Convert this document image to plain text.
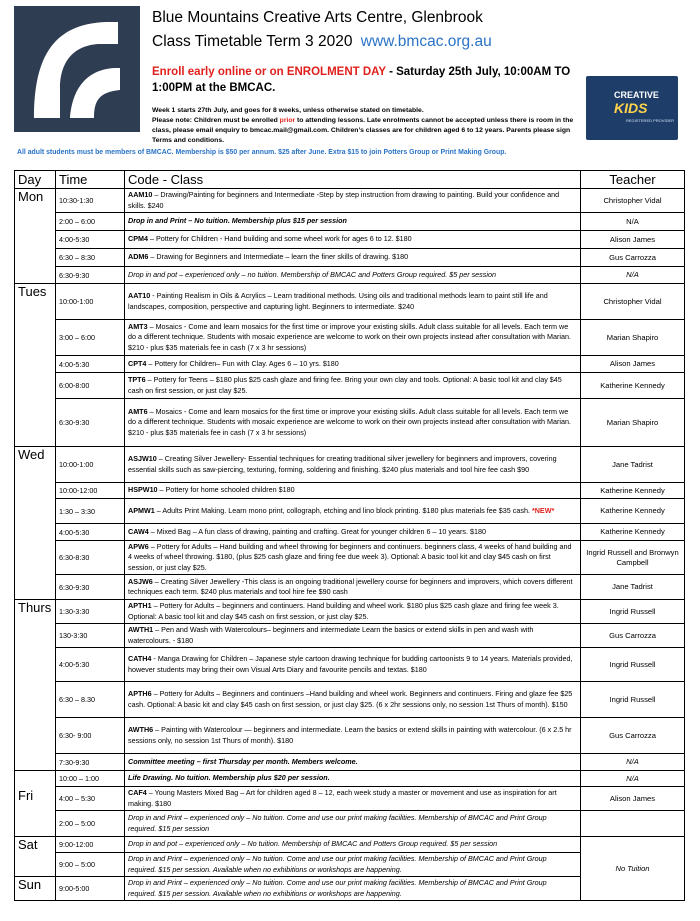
Blue Mountains Creative Arts Centre, Glenbrook
Class Timetable Term 3 2020 www.bmcac.org.au
Enroll early online or on ENROLMENT DAY - Saturday 25th July, 10:00AM TO 1:00PM at the BMCAC.
Week 1 starts 27th July, and goes for 8 weeks, unless otherwise stated on timetable.
Please note: Children must be enrolled prior to attending lessons. Late enrolments cannot be accepted unless there is room in the class, please email enquiry to bmcac.mail@gmail.com. Children’s classes are for children aged 6 to 12 years. Parents please sign Terms and conditions.
CREATIVE
KIDS
REGISTERED PROVIDER
All adult students must be members of BMCAC. Membership is $50 per annum. $25 after June. Extra $15 to join Potters Group or Print Making Group.
Day	Time	Code - Class	Teacher
Mon	10:30-1:30	AAM10 – Drawing/Painting for beginners and Intermediate -Step by step instruction from drawing to painting. Build your confidence and skills. $240	Christopher Vidal
	2:00 – 6:00	Drop in and Print – No tuition. Membership plus $15 per session	N/A
	4:00-5:30	CPM4 – Pottery for Children - Hand building and some wheel work for ages 6 to 12. $180	Alison James
	6:30 – 8:30	ADM6 – Drawing for Beginners and Intermediate – learn the finer skills of drawing. $180	Gus Carrozza
	6:30-9:30	Drop in and pot – experienced only – no tuition. Membership of BMCAC and Potters Group required. $5 per session	N/A
Tues	10:00-1:00	AAT10 - Painting Realism in Oils & Acrylics – Learn traditional methods. Using oils and traditional methods learn to paint still life and landscapes, composition, perspective and capturing light. Beginners to intermediate. $240	Christopher Vidal
	3:00 – 6:00	AMT3 – Mosaics - Come and learn mosaics for the first time or improve your existing skills. Adult class suitable for all levels. Each term we do a different technique. Students with mosaic experience are welcome to work on their own projects instead after consultation with Marian. $210 - plus $35 materials fee in cash (7 x 3 hr sessions)	Marian Shapiro
	4:00-5:30	CPT4 – Pottery for Children– Fun with Clay. Ages 6 – 10 yrs. $180	Alison James
	6:00-8:00	TPT6 – Pottery for Teens – $180 plus $25 cash glaze and firing fee. Bring your own clay and tools. Optional: A basic tool kit and clay $45 cash on first session, or just clay $25.	Katherine Kennedy
	6:30-9:30	AMT6 – Mosaics - Come and learn mosaics for the first time or improve your existing skills. Adult class suitable for all levels. Each term we do a different technique. Students with mosaic experience are welcome to work on their own projects instead after consultation with Marian. $210 - plus $35 materials fee in cash (7 x 3 hr sessions)	Marian Shapiro
Wed	10:00-1:00	ASJW10 – Creating Silver Jewellery- Essential techniques for creating traditional silver jewellery for beginners and improvers, covering essential skills such as saw-piercing, texturing, forming, soldering and finishing. $240 plus materials and tool hire fee cash $90	Jane Tadrist
	10:00-12:00	HSPW10 – Pottery for home schooled children $180	Katherine Kennedy
	1:30 – 3:30	APMW1 – Adults Print Making. Learn mono print, collograph, etching and lino block printing. $180 plus materials fee $35 cash. *NEW*	Katherine Kennedy
	4:00-5:30	CAW4 – Mixed Bag – A fun class of drawing, painting and crafting. Great for younger children 6 – 10 years. $180	Katherine Kennedy
	6:30-8:30	APW6 – Pottery for Adults – Hand building and wheel throwing for beginners and continuers. beginners class, 4 weeks of hand building and 4 weeks of wheel throwing. $180, (plus $25 cash glaze and firing fee due week 3). Optional: A basic tool kit and clay $45 cash on first session, or just clay $25.	Ingrid Russell and Bronwyn Campbell
	6:30-9:30	ASJW6 – Creating Silver Jewellery -This class is an ongoing traditional jewellery course for beginners and improvers, which covers different techniques each term. $240 plus materials and tool hire fee $90 cash	Jane Tadrist
Thurs	1:30-3:30	APTH1 – Pottery for Adults – beginners and continuers. Hand building and wheel work. $180 plus $25 cash glaze and firing fee week 3. Optional: A basic tool kit and clay $45 cash on first session, or just clay $25.	Ingrid Russell
	130-3:30	AWTH1 – Pen and Wash with Watercolours– beginners and intermediate Learn the basics or extend skills in pen and wash with watercolours. - $180	Gus Carrozza
	4:00-5:30	CATH4 - Manga Drawing for Children – Japanese style cartoon drawing technique for budding cartoonists 9 to 14 years. Materials provided, however students may bring their own Visual Arts Diary and favourite pencils and textas. $180	Ingrid Russell
	6:30 – 8.30	APTH6 – Pottery for Adults – Beginners and continuers –Hand building and wheel work. Beginners and continuers. Firing and glaze fee $25 cash. Optional: A basic kit and clay $45 cash on first session, or just clay $25. (6 x 2hr sessions only, no session 1st Thurs of month). $150	Ingrid Russell
	6:30- 9:00	AWTH6 – Painting with Watercolour — beginners and intermediate. Learn the basics or extend skills in painting with watercolour. (6 x 2.5 hr sessions only, no session 1st Thurs of month). $180	Gus Carrozza
	7:30-9:30	Committee meeting – first Thursday per month. Members welcome.	N/A
Fri	10:00 – 1:00	Life Drawing. No tuition. Membership plus $20 per session.	N/A
	4:00 – 5:30	CAF4 – Young Masters Mixed Bag – Art for children aged 8 – 12, each week study a master or movement and use as inspiration for art making. $180	Alison James
	2:00 – 5:00	Drop in and Print – experienced only – No tuition. Come and use our print making facilities. Membership of BMCAC and Print Group required. $15 per session	
Sat	9:00-12:00	Drop in and pot – experienced only – No tuition. Membership of BMCAC and Potters Group required. $5 per session	No Tuition
	9:00 – 5:00	Drop in and Print – experienced only – No tuition. Come and use our print making facilities. Membership of BMCAC and Print Group required. $15 per session. Available when no exhibitions or workshops are happening.	
Sun	9:00-5:00	Drop in and Print – experienced only – No tuition. Come and use our print making facilities. Membership of BMCAC and Print Group required. $15 per session. Available when no exhibitions or workshops are happening.	
